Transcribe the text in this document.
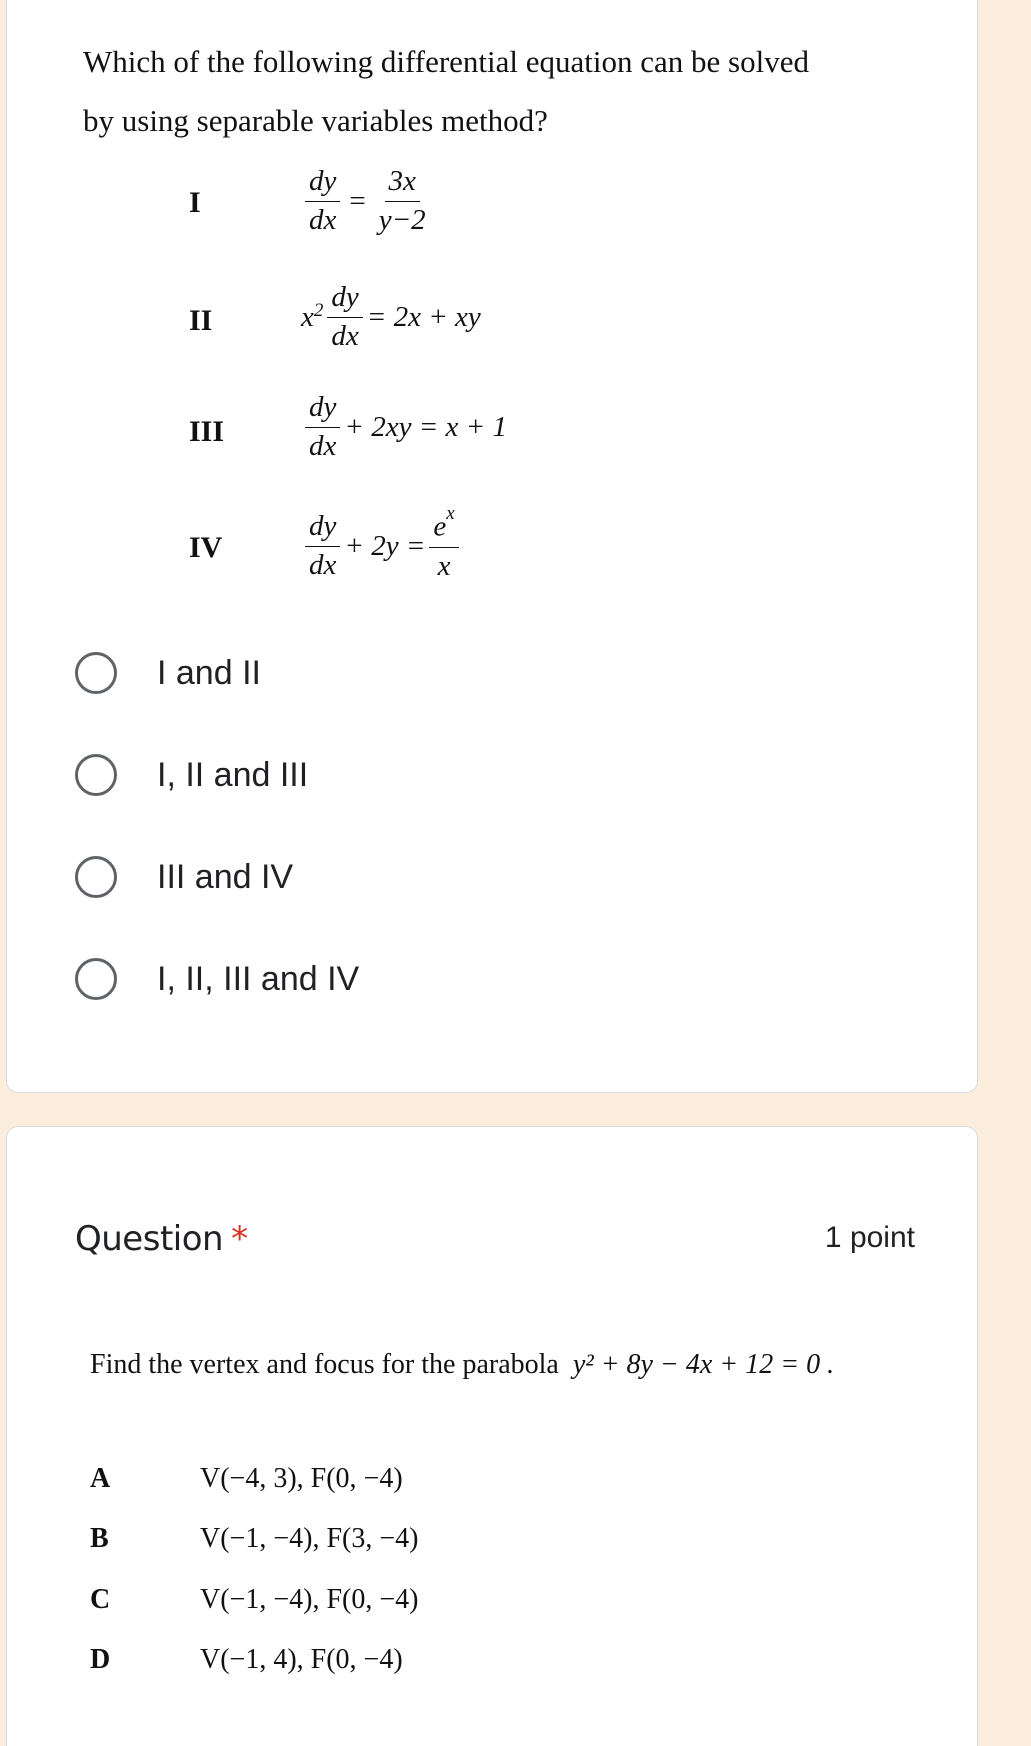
Which of the following differential equation can be solved
by using separable variables method?
I	$\frac{dy}{dx} = \frac{3x}{y-2}$
II	$x^2 \frac{dy}{dx} = 2x$ + xy
III	$\frac{dy}{dx} + 2xy = x + 1$
IV	$\frac{dy}{dx} + 2y = \frac{e^x}{x}$
I and II
I, II and III
III and IV
I, II, III and IV
Question *	1 point
Find the vertex and focus for the parabola y² + 8y − 4x + 12 = 0 .
A	V(−4, 3), F(0, −4)
B	V(−1, −4), F(3, −4)
C	V(−1, −4), F(0, −4)
D	V(−1, 4), F(0, −4)
